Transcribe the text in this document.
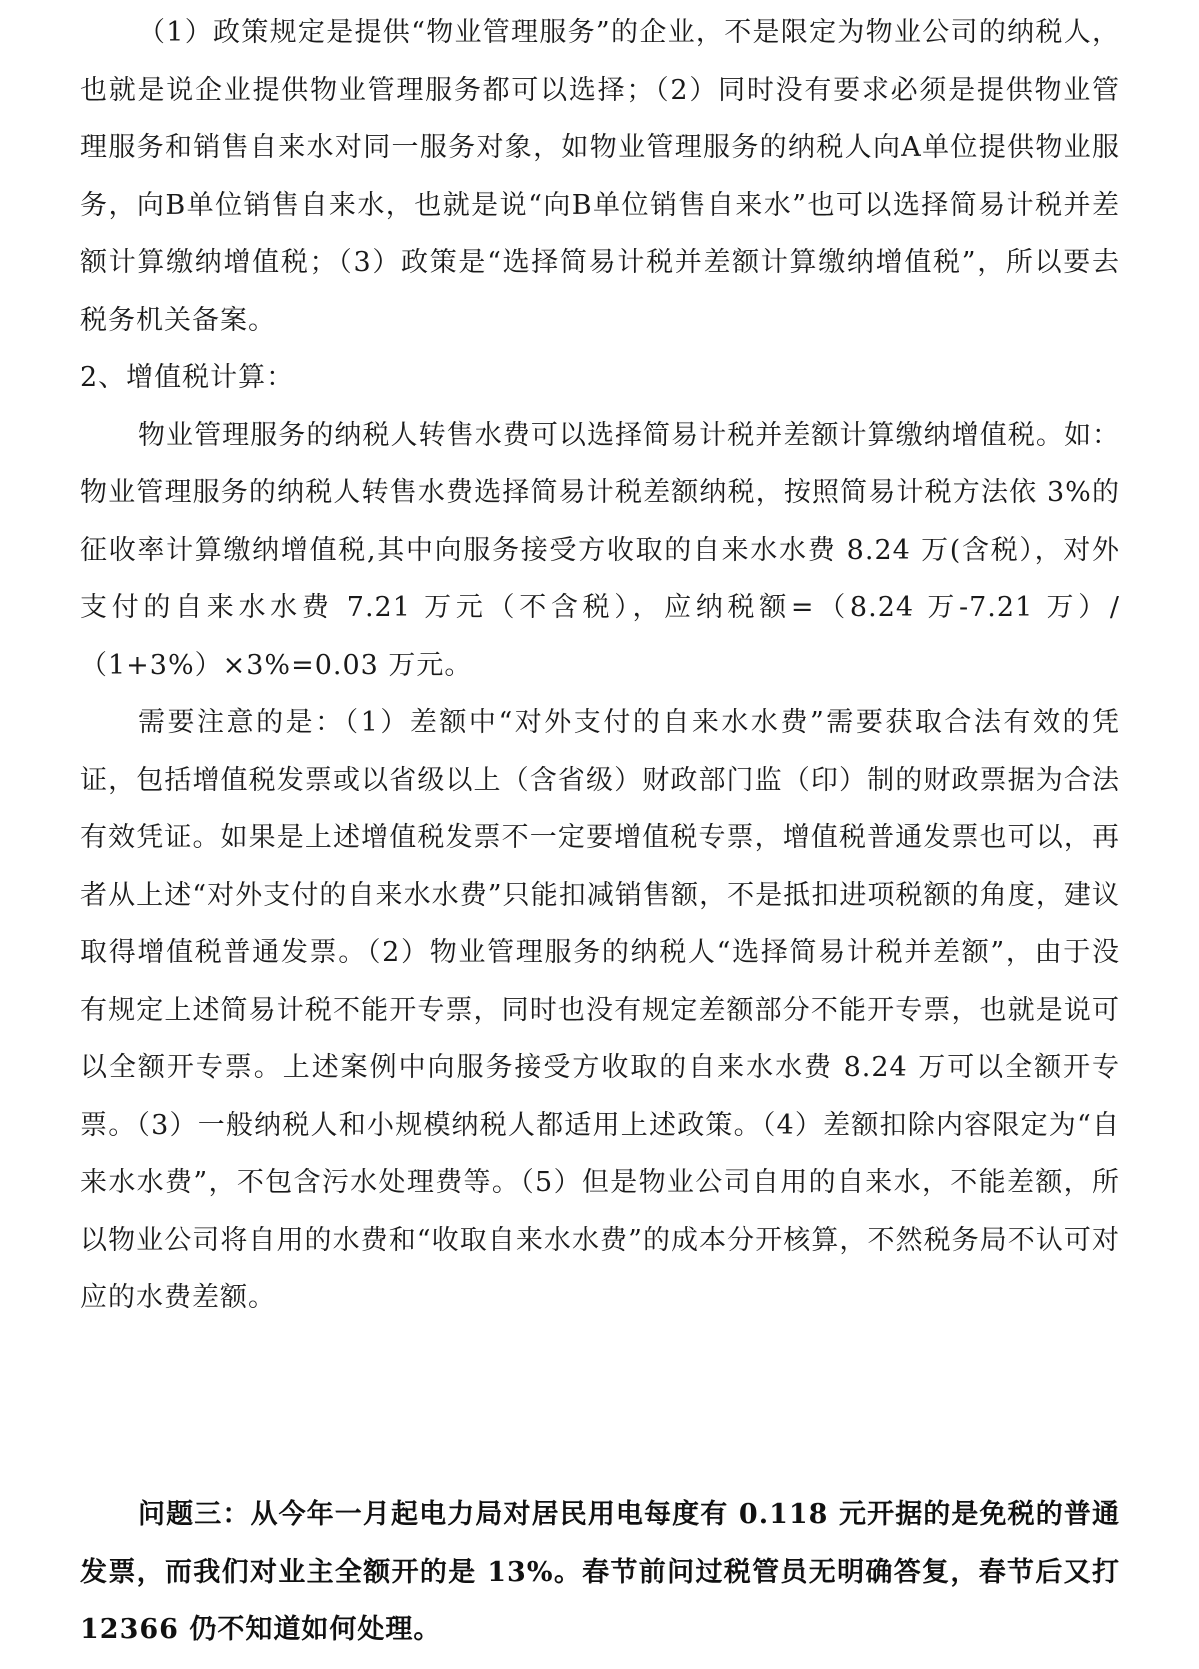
（1）政策规定是提供“物业管理服务”的企业，不是限定为物业公司的纳税人，也就是说企业提供物业管理服务都可以选择；（2）同时没有要求必须是提供物业管理服务和销售自来水对同一服务对象，如物业管理服务的纳税人向A单位提供物业服务，向B单位销售自来水，也就是说“向B单位销售自来水”也可以选择简易计税并差额计算缴纳增值税；（3）政策是“选择简易计税并差额计算缴纳增值税”，所以要去税务机关备案。

2、增值税计算：

物业管理服务的纳税人转售水费可以选择简易计税并差额计算缴纳增值税。如：物业管理服务的纳税人转售水费选择简易计税差额纳税，按照简易计税方法依 3%的征收率计算缴纳增值税,其中向服务接受方收取的自来水水费 8.24 万(含税），对外支付的自来水水费 7.21 万元（不含税），应纳税额=（8.24 万-7.21 万）/（1+3%）×3%=0.03 万元。

需要注意的是：（1）差额中“对外支付的自来水水费”需要获取合法有效的凭证，包括增值税发票或以省级以上（含省级）财政部门监（印）制的财政票据为合法有效凭证。如果是上述增值税发票不一定要增值税专票，增值税普通发票也可以，再者从上述“对外支付的自来水水费”只能扣减销售额，不是抵扣进项税额的角度，建议取得增值税普通发票。（2）物业管理服务的纳税人“选择简易计税并差额”，由于没有规定上述简易计税不能开专票，同时也没有规定差额部分不能开专票，也就是说可以全额开专票。上述案例中向服务接受方收取的自来水水费 8.24 万可以全额开专票。（3）一般纳税人和小规模纳税人都适用上述政策。（4）差额扣除内容限定为“自来水水费”，不包含污水处理费等。（5）但是物业公司自用的自来水，不能差额，所以物业公司将自用的水费和“收取自来水水费”的成本分开核算，不然税务局不认可对应的水费差额。

问题三：从今年一月起电力局对居民用电每度有 0.118 元开据的是免税的普通发票，而我们对业主全额开的是 13%。春节前问过税管员无明确答复，春节后又打 12366 仍不知道如何处理。
